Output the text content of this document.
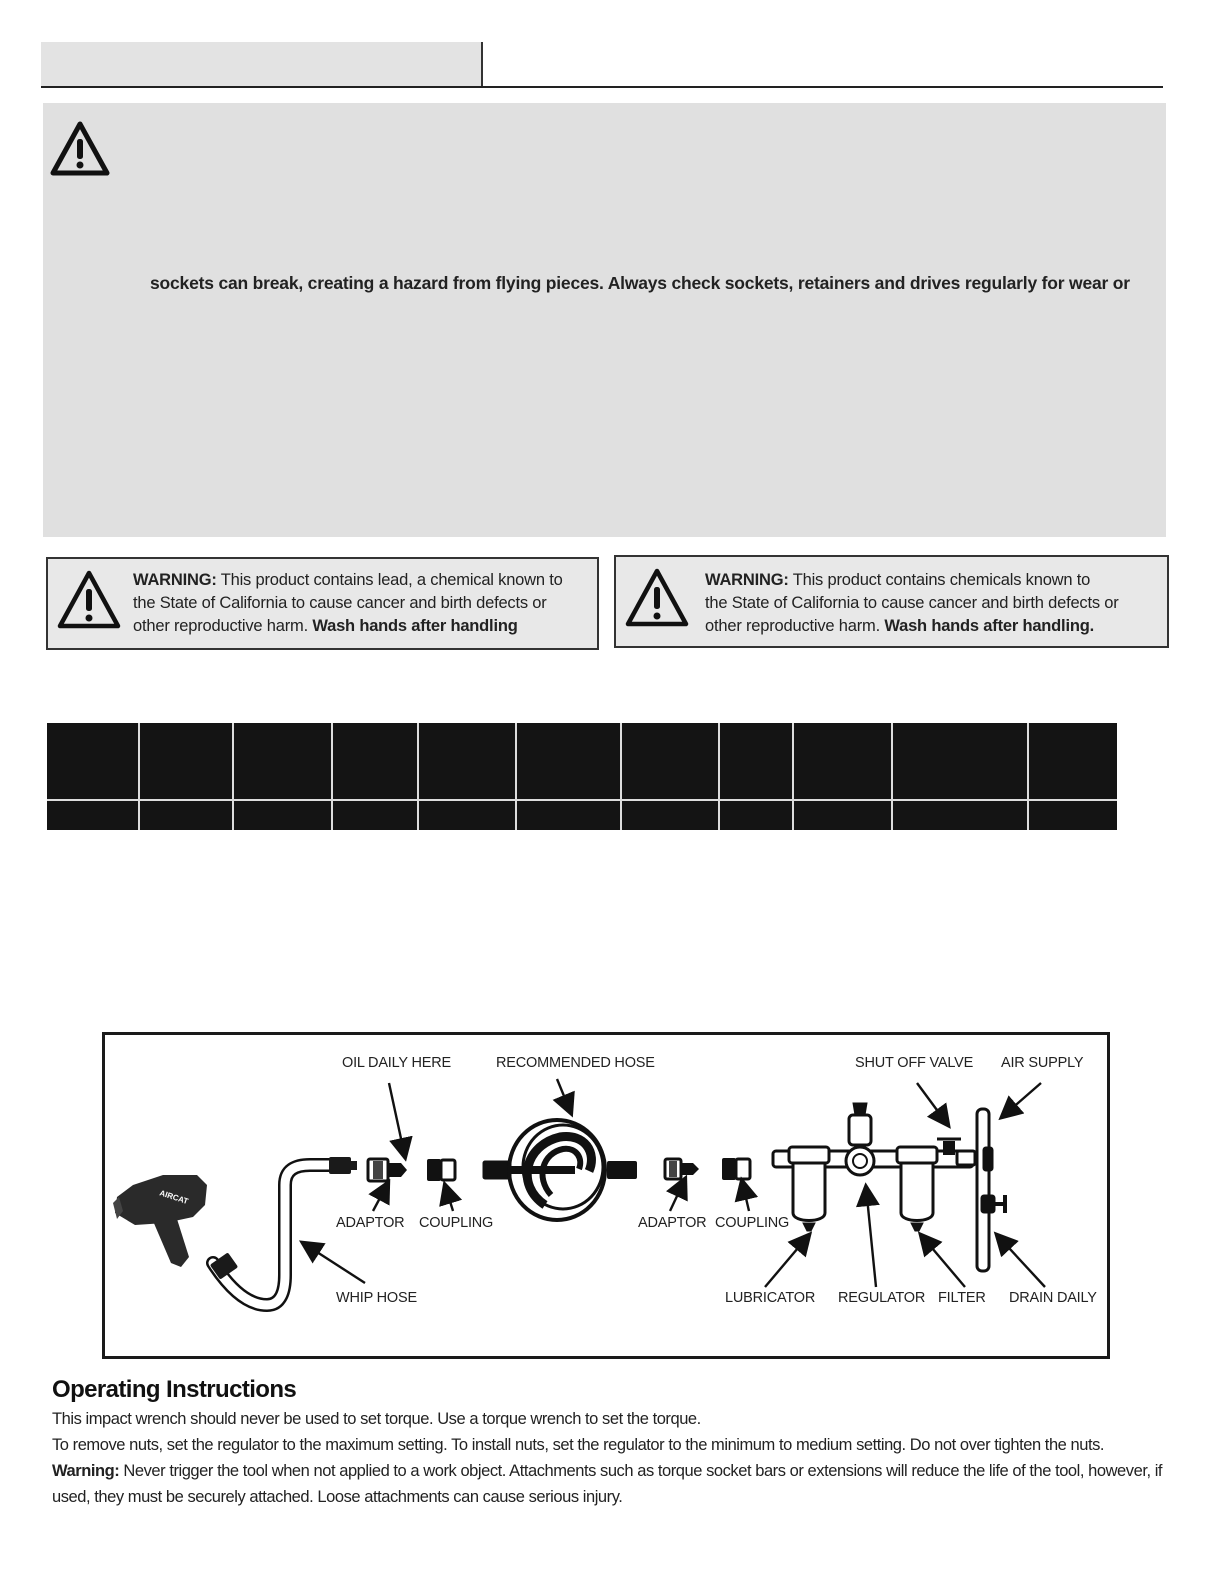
sockets can break, creating a hazard from flying pieces. Always check sockets, retainers and drives regularly for wear or
WARNING: This product contains lead, a chemical known to
the State of California to cause cancer and birth defects or
other reproductive harm. Wash hands after handling
WARNING: This product contains chemicals known to
the State of California to cause cancer and birth defects or
other reproductive harm. Wash hands after handling.

AIRCAT
OIL DAILY HERE	RECOMMENDED HOSE	SHUT OFF VALVE AIR SUPPLY
ADAPTOR COUPLING	ADAPTOR COUPLING
WHIP HOSE	LUBRICATOR REGULATOR FILTER DRAIN DAILY
Operating Instructions
This impact wrench should never be used to set torque. Use a torque wrench to set the torque.
To remove nuts, set the regulator to the maximum setting. To install nuts, set the regulator to the minimum to medium setting. Do not over tighten the nuts.
Warning: Never trigger the tool when not applied to a work object. Attachments such as torque socket bars or extensions will reduce the life of the tool, however, if
used, they must be securely attached. Loose attachments can cause serious injury.
